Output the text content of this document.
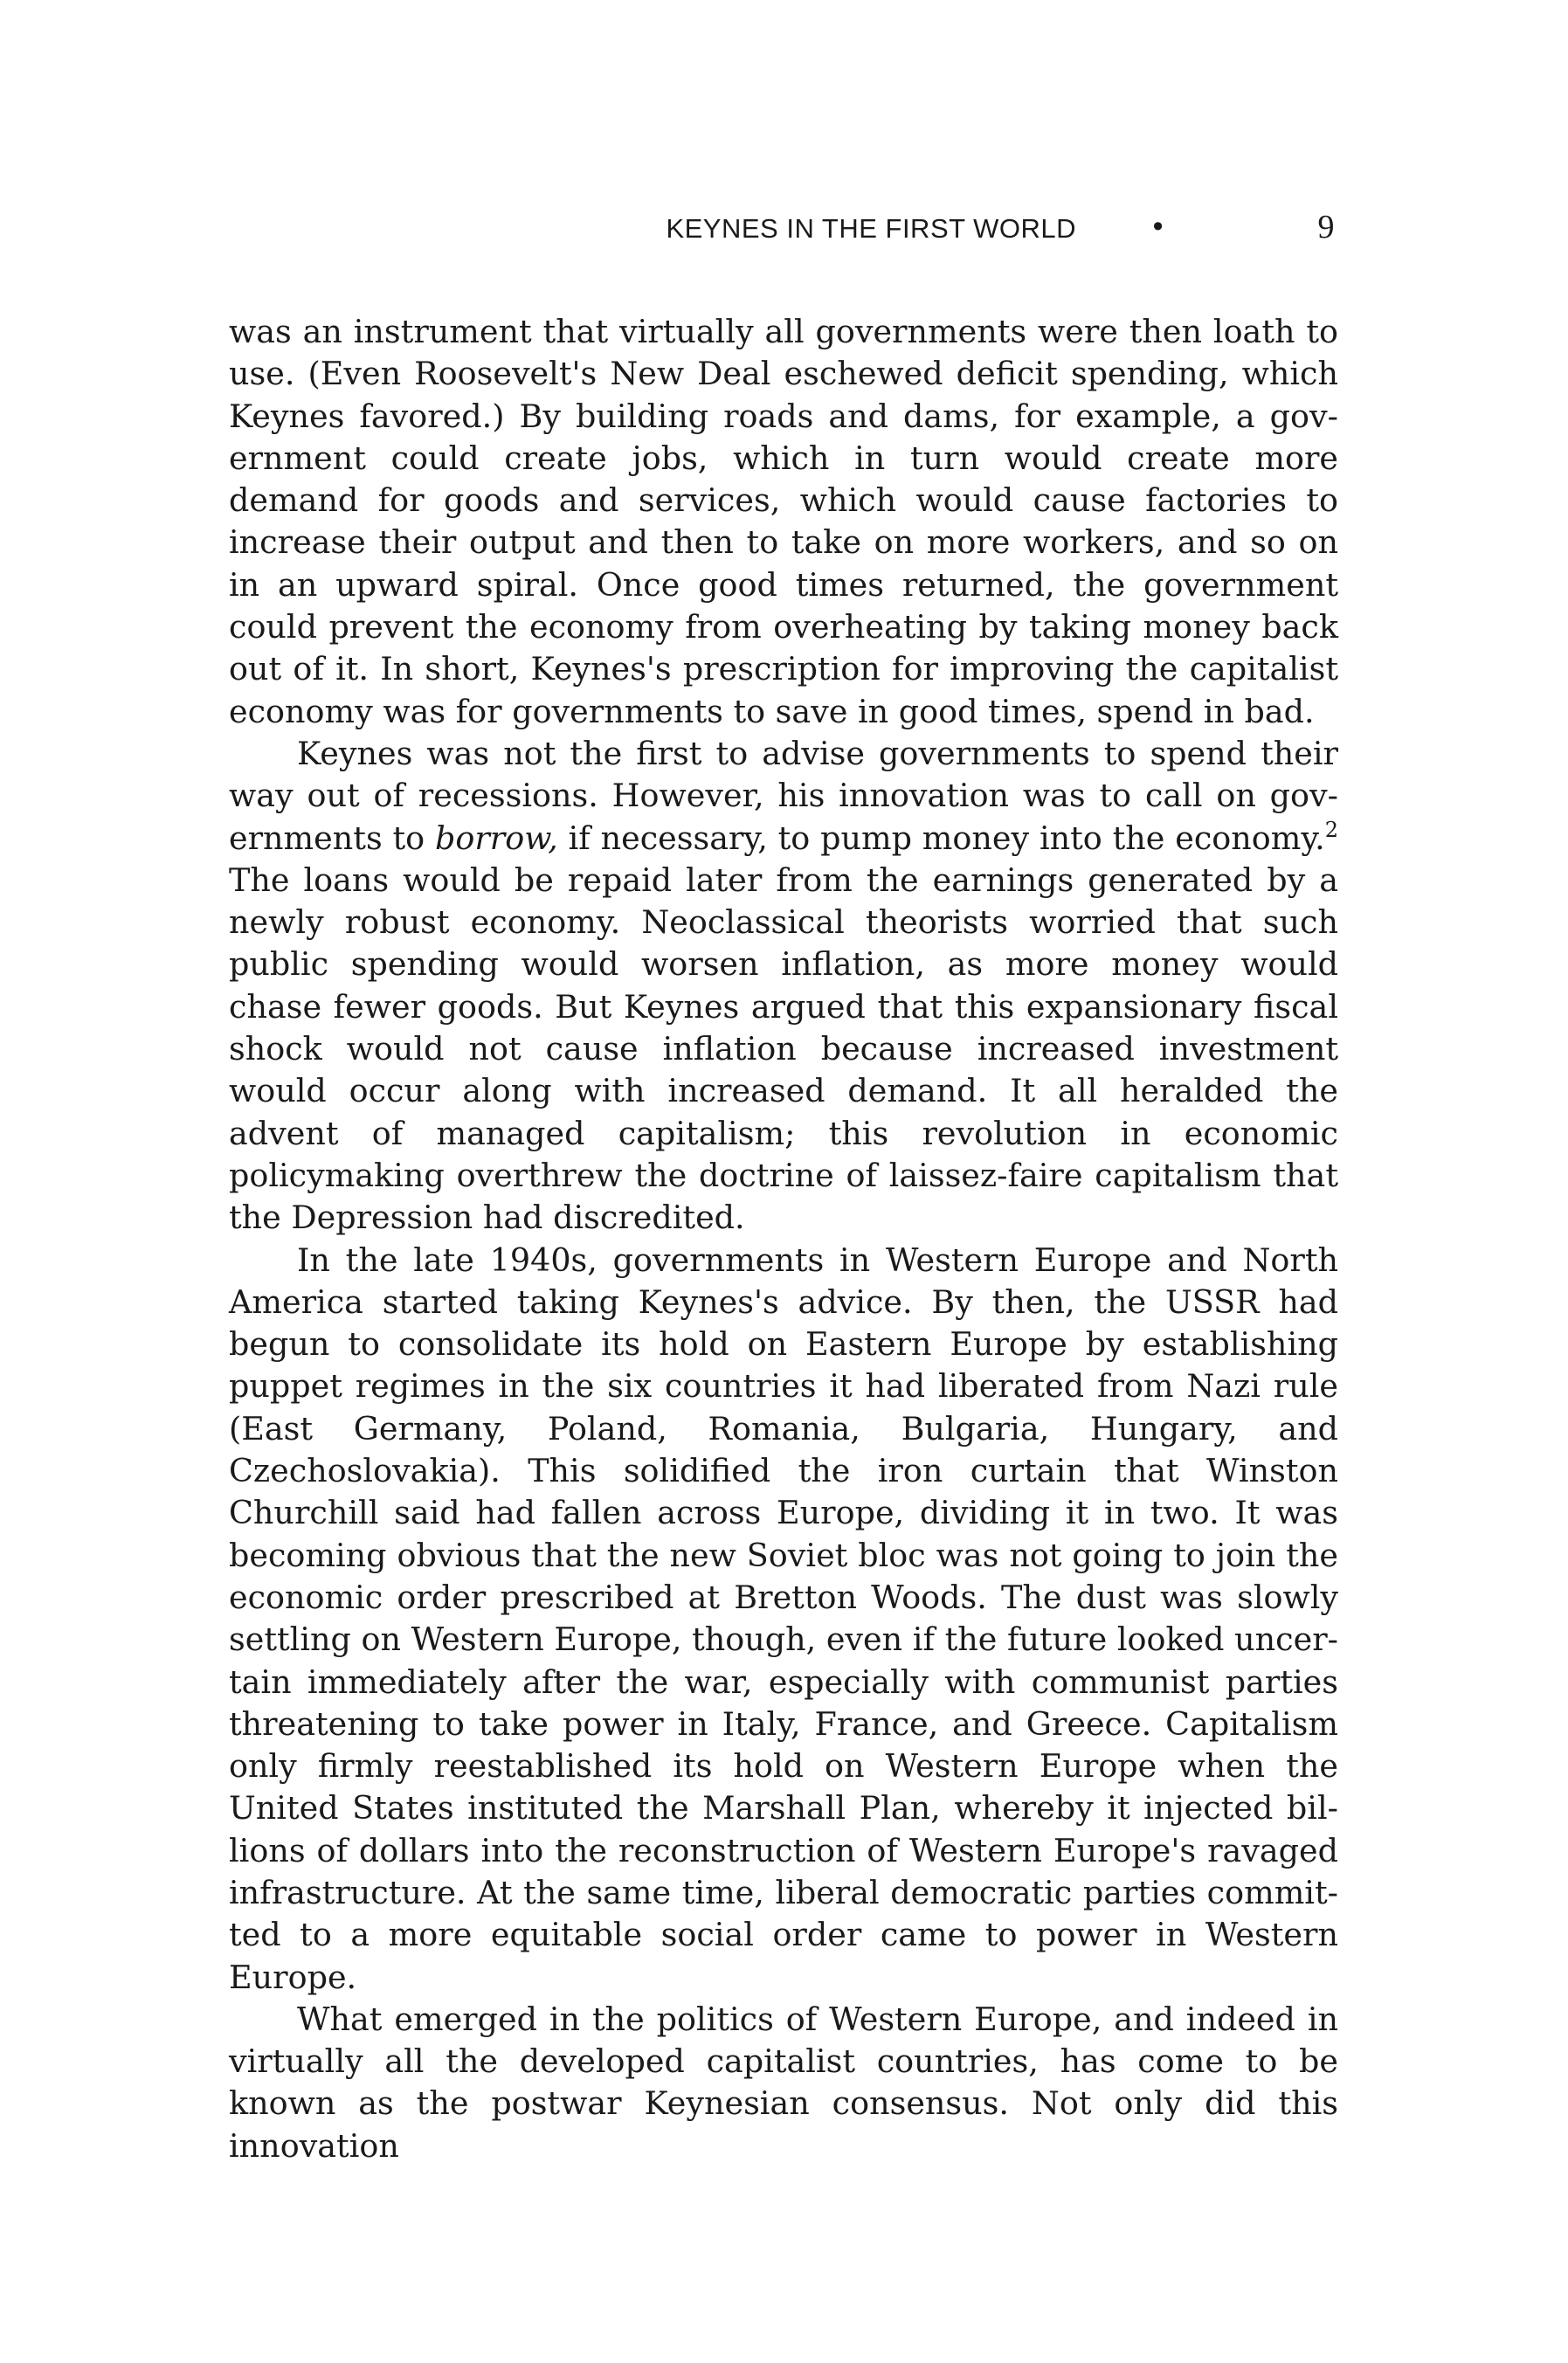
KEYNES IN THE FIRST WORLD	•	9

was an instrument that virtually all governments were then loath to use. (Even Roosevelt's New Deal eschewed deficit spending, which Keynes favored.) By building roads and dams, for example, a government could create jobs, which in turn would create more demand for goods and services, which would cause factories to increase their output and then to take on more workers, and so on in an upward spiral. Once good times returned, the government could prevent the economy from overheating by taking money back out of it. In short, Keynes's prescription for improving the capitalist economy was for governments to save in good times, spend in bad.

Keynes was not the first to advise governments to spend their way out of recessions. However, his innovation was to call on governments to borrow, if necessary, to pump money into the economy.$^2$ The loans would be repaid later from the earnings generated by a newly robust economy. Neoclassical theorists worried that such public spending would worsen inflation, as more money would chase fewer goods. But Keynes argued that this expansionary fiscal shock would not cause inflation because increased investment would occur along with increased demand. It all heralded the advent of managed capitalism; this revolution in economic policymaking overthrew the doctrine of laissez-faire capitalism that the Depression had discredited.

In the late 1940s, governments in Western Europe and North America started taking Keynes's advice. By then, the USSR had begun to consolidate its hold on Eastern Europe by establishing puppet regimes in the six countries it had liberated from Nazi rule (East Germany, Poland, Romania, Bulgaria, Hungary, and Czechoslovakia). This solidified the iron curtain that Winston Churchill said had fallen across Europe, dividing it in two. It was becoming obvious that the new Soviet bloc was not going to join the economic order prescribed at Bretton Woods. The dust was slowly settling on Western Europe, though, even if the future looked uncertain immediately after the war, especially with communist parties threatening to take power in Italy, France, and Greece. Capitalism only firmly reestablished its hold on Western Europe when the United States instituted the Marshall Plan, whereby it injected billions of dollars into the reconstruction of Western Europe's ravaged infrastructure. At the same time, liberal democratic parties committed to a more equitable social order came to power in Western Europe.

What emerged in the politics of Western Europe, and indeed in virtually all the developed capitalist countries, has come to be known as the postwar Keynesian consensus. Not only did this innovation
